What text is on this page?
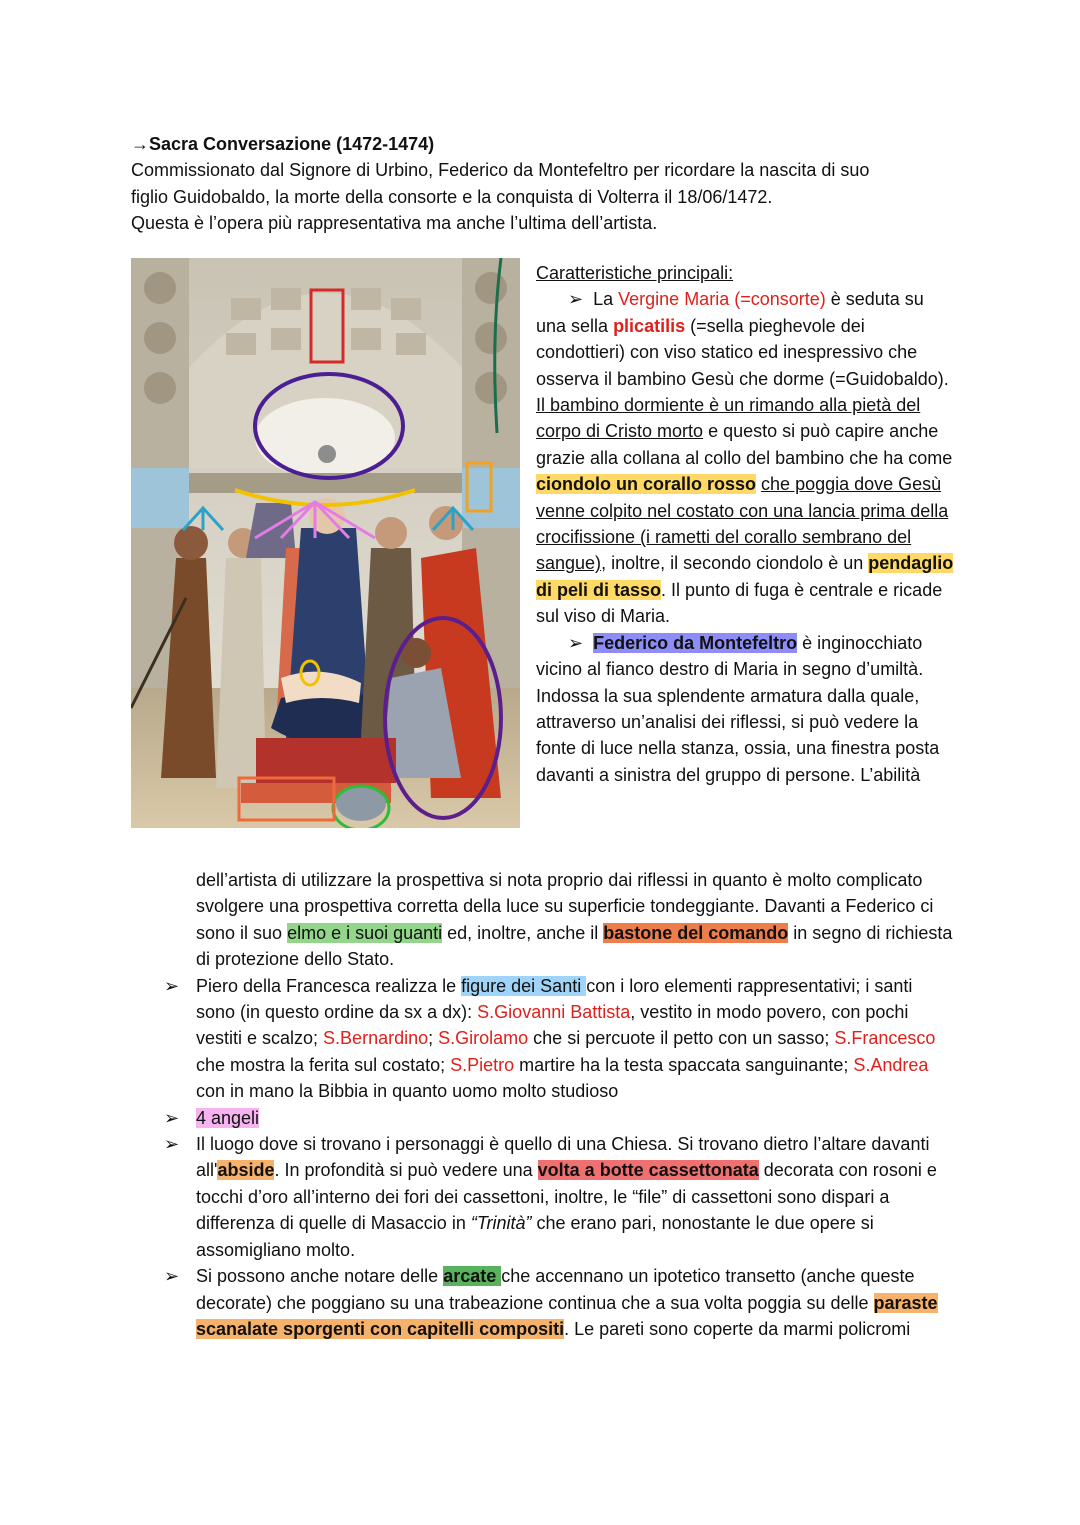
→Sacra Conversazione (1472-1474)

Commissionato dal Signore di Urbino, Federico da Montefeltro per ricordare la nascita di suo

figlio Guidobaldo, la morte della consorte e la conquista di Volterra il 18/06/1472.

Questa è l’opera più rappresentativa ma anche l’ultima dell’artista.

Caratteristiche principali:

➢ La Vergine Maria (=consorte) è seduta su una sella plicatilis (=sella pieghevole dei condottieri) con viso statico ed inespressivo che osserva il bambino Gesù che dorme (=Guidobaldo). Il bambino dormiente è un rimando alla pietà del corpo di Cristo morto e questo si può capire anche grazie alla collana al collo del bambino che ha come ciondolo un corallo rosso che poggia dove Gesù venne colpito nel costato con una lancia prima della crocifissione (i rametti del corallo sembrano del sangue), inoltre, il secondo ciondolo è un pendaglio di peli di tasso. Il punto di fuga è centrale e ricade sul viso di Maria.

➢ Federico da Montefeltro è inginocchiato vicino al fianco destro di Maria in segno d’umiltà. Indossa la sua splendente armatura dalla quale, attraverso un’analisi dei riflessi, si può vedere la fonte di luce nella stanza, ossia, una finestra posta davanti a sinistra del gruppo di persone. L’abilità

dell’artista di utilizzare la prospettiva si nota proprio dai riflessi in quanto è molto complicato svolgere una prospettiva corretta della luce su superficie tondeggiante. Davanti a Federico ci sono il suo elmo e i suoi guanti ed, inoltre, anche il bastone del comando in segno di richiesta di protezione dello Stato.

➢ Piero della Francesca realizza le figure dei Santi con i loro elementi rappresentativi; i santi sono (in questo ordine da sx a dx): S.Giovanni Battista, vestito in modo povero, con pochi vestiti e scalzo; S.Bernardino; S.Girolamo che si percuote il petto con un sasso; S.Francesco che mostra la ferita sul costato; S.Pietro martire ha la testa spaccata sanguinante; S.Andrea con in mano la Bibbia in quanto uomo molto studioso

➢ 4 angeli

➢ Il luogo dove si trovano i personaggi è quello di una Chiesa. Si trovano dietro l’altare davanti all'abside. In profondità si può vedere una volta a botte cassettonata decorata con rosoni e tocchi d’oro all’interno dei fori dei cassettoni, inoltre, le “file” di cassettoni sono dispari a differenza di quelle di Masaccio in “Trinità” che erano pari, nonostante le due opere si assomigliano molto.

➢ Si possono anche notare delle arcate che accennano un ipotetico transetto (anche queste decorate) che poggiano su una trabeazione continua che a sua volta poggia su delle paraste scanalate sporgenti con capitelli compositi. Le pareti sono coperte da marmi policromi
